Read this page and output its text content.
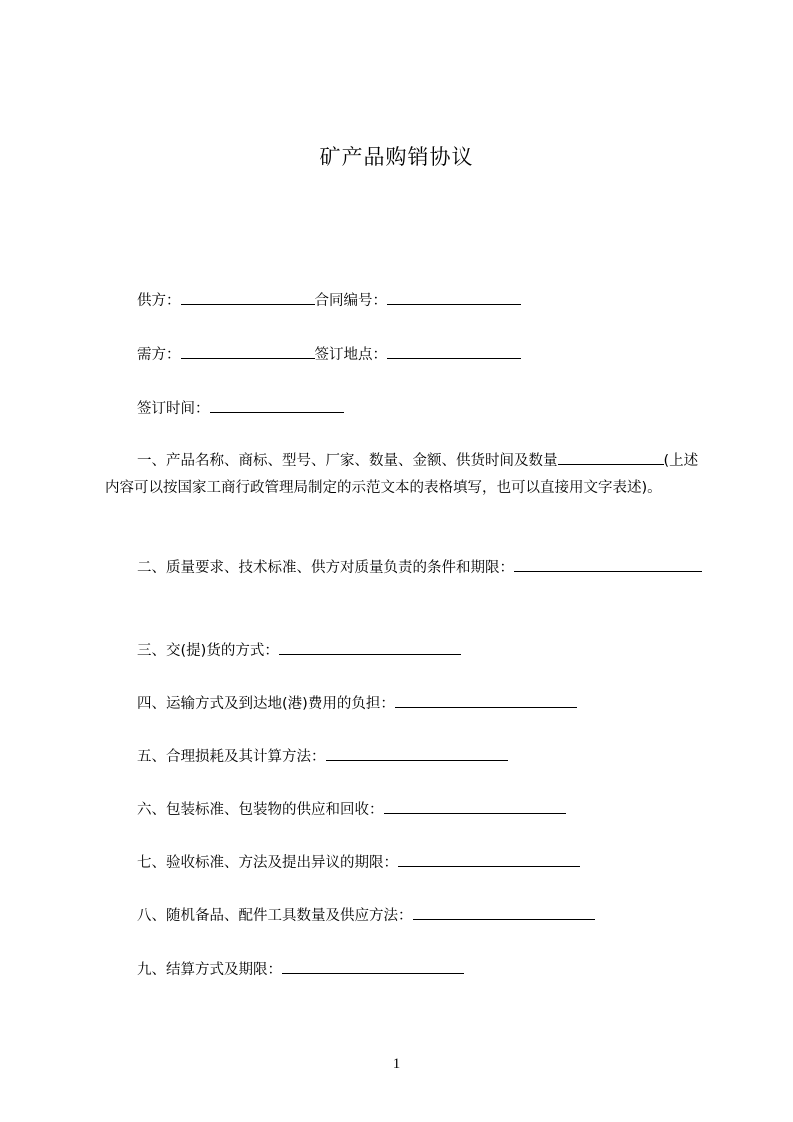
矿产品购销协议
供方：	合同编号：
需方：	签订地点：
签订时间：
一、产品名称、商标、型号、厂家、数量、金额、供货时间及数量	(上述内容可以按国家工商行政管理局制定的示范文本的表格填写，也可以直接用文字表述)。
二、质量要求、技术标准、供方对质量负责的条件和期限：
三、交(提)货的方式：
四、运输方式及到达地(港)费用的负担：
五、合理损耗及其计算方法：
六、包装标准、包装物的供应和回收：
七、验收标准、方法及提出异议的期限：
八、随机备品、配件工具数量及供应方法：
九、结算方式及期限：
1
